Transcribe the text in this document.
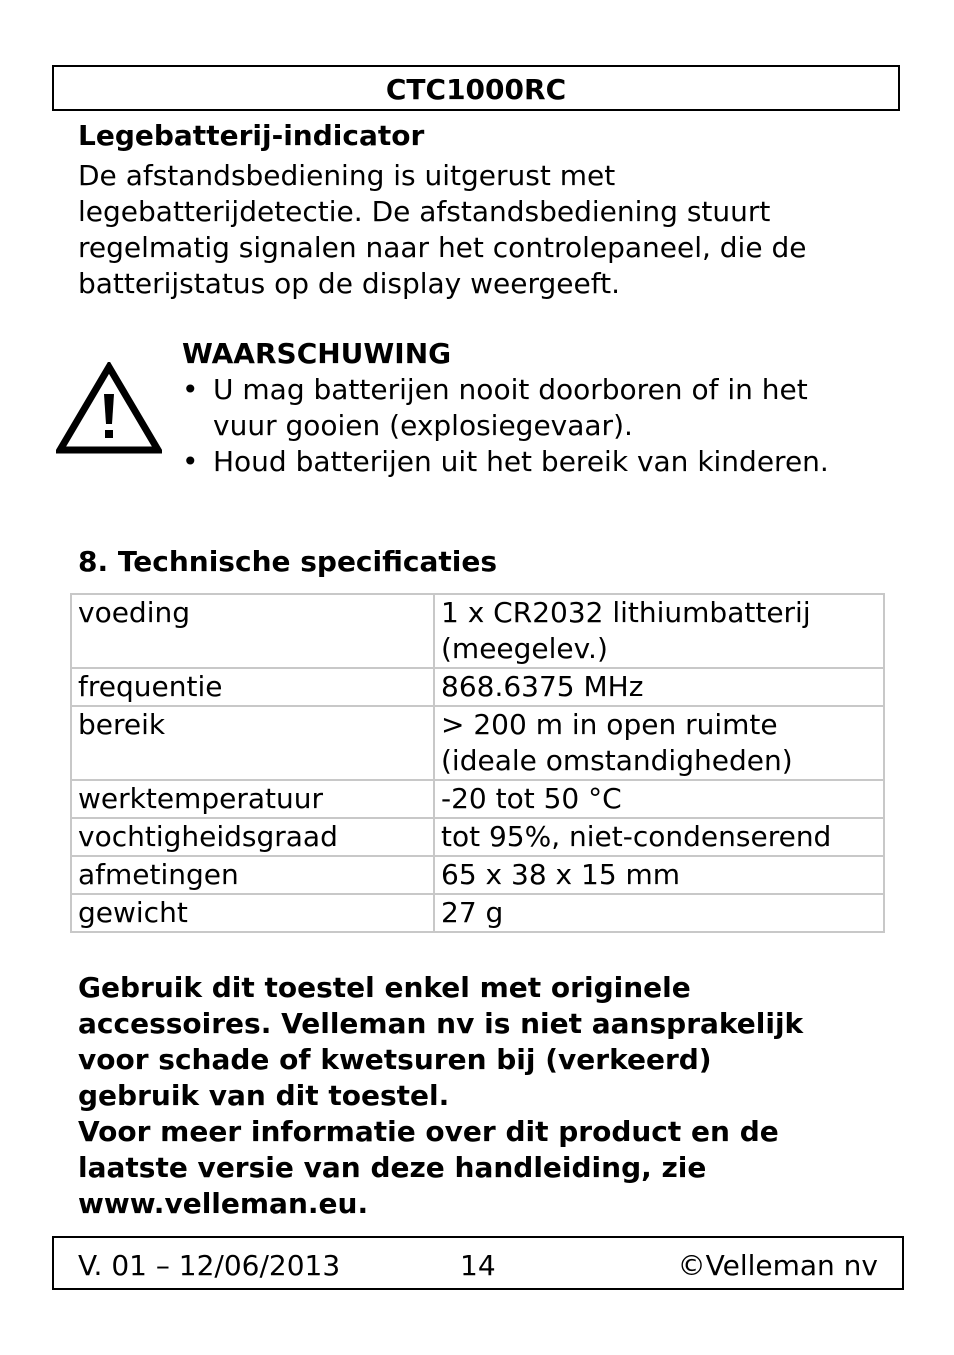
CTC1000RC
Legebatterij-indicator
De afstandsbediening is uitgerust met
legebatterijdetectie. De afstandsbediening stuurt
regelmatig signalen naar het controlepaneel, die de
batterijstatus op de display weergeeft.
WAARSCHUWING
• U mag batterijen nooit doorboren of in het
vuur gooien (explosiegevaar).
• Houd batterijen uit het bereik van kinderen.
8. Technische specificaties
voeding	1 x CR2032 lithiumbatterij
(meegelev.)

frequentie	868.6375 MHz

bereik	> 200 m in open ruimte
(ideale omstandigheden)

werktemperatuur	-20 tot 50 °C

vochtigheidsgraad	tot 95%, niet-condenserend

afmetingen	65 x 38 x 15 mm

gewicht	27 g
Gebruik dit toestel enkel met originele
accessoires. Velleman nv is niet aansprakelijk
voor schade of kwetsuren bij (verkeerd)
gebruik van dit toestel.
Voor meer informatie over dit product en de
laatste versie van deze handleiding, zie
www.velleman.eu.
V. 01 – 12/06/2013	14	©Velleman nv
